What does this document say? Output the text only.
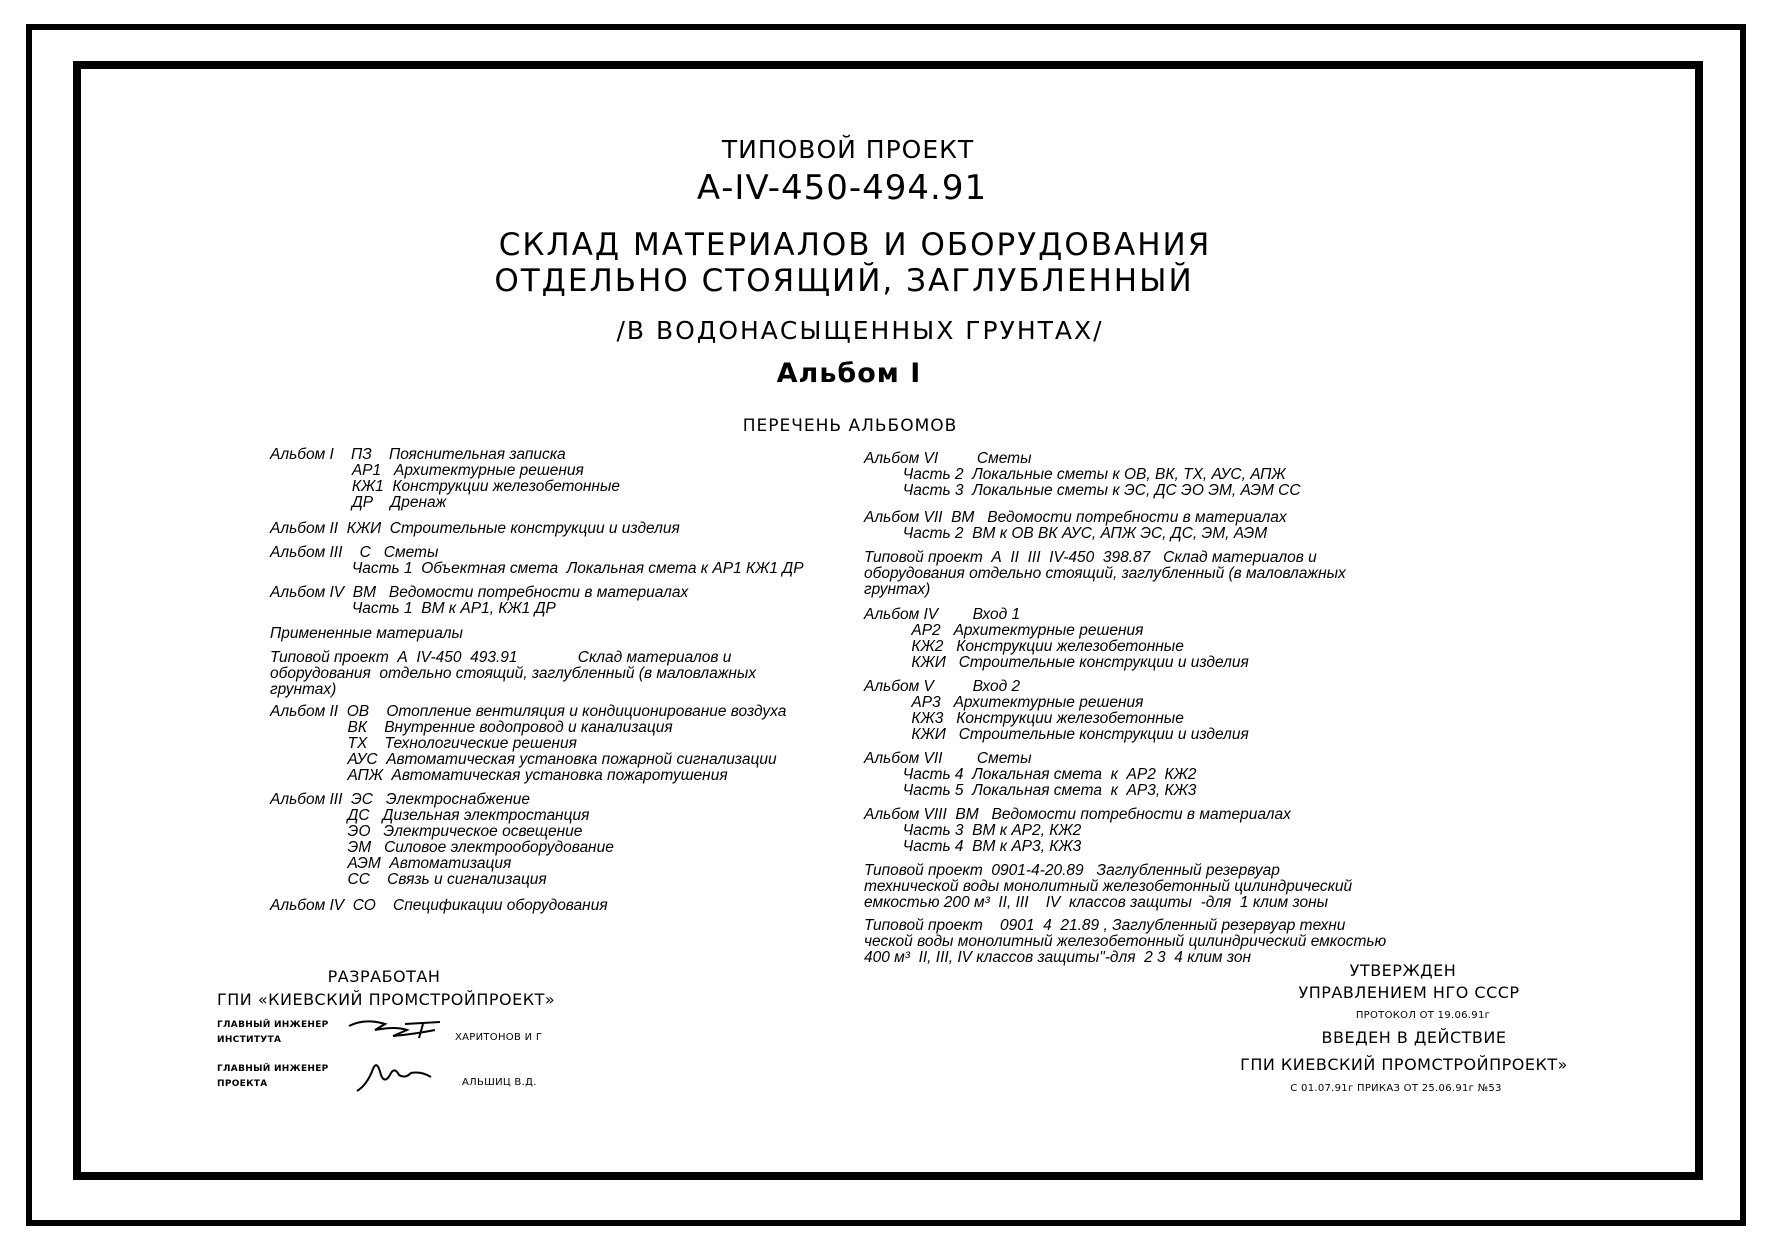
ТИПОВОЙ ПРОЕКТ
А-IV-450-494.91
СКЛАД МАТЕРИАЛОВ И ОБОРУДОВАНИЯ
ОТДЕЛЬНО СТОЯЩИЙ, ЗАГЛУБЛЕННЫЙ
/В ВОДОНАСЫЩЕННЫХ ГРУНТАХ/
Альбом I
ПЕРЕЧЕНЬ АЛЬБОМОВ
Альбом I    ПЗ    Пояснительная записка
АР1   Архитектурные решения
КЖ1  Конструкции железобетонные
ДР    Дренаж
Альбом II  КЖИ  Строительные конструкции и изделия
Альбом III    С   Сметы
Часть 1  Объектная смета  Локальная смета к АР1 КЖ1 ДР
Альбом IV  ВМ   Ведомости потребности в материалах
Часть 1  ВМ к АР1, КЖ1 ДР
Примененные материалы
Типовой проект  А  IV-450  493.91              Склад материалов и
оборудования  отдельно стоящий, заглубленный (в маловлажных
грунтах)
Альбом II  ОВ    Отопление вентиляция и кондиционирование воздуха
ВК    Внутренние водопровод и канализация
ТХ    Технологические решения
АУС  Автоматическая установка пожарной сигнализации
АПЖ  Автоматическая установка пожаротушения
Альбом III  ЭС   Электроснабжение
ДС   Дизельная электростанция
ЭО   Электрическое освещение
ЭМ   Силовое электрооборудование
АЭМ  Автоматизация
СС    Связь и сигнализация
Альбом IV  СО    Спецификации оборудования
Альбом VI         Сметы
Часть 2  Локальные сметы к ОВ, ВК, ТХ, АУС, АПЖ
Часть 3  Локальные сметы к ЭС, ДС ЭО ЭМ, АЭМ СС
Альбом VII  ВМ   Ведомости потребности в материалах
Часть 2  ВМ к ОВ ВК АУС, АПЖ ЭС, ДС, ЭМ, АЭМ
Типовой проект  А  II  III  IV-450  398.87   Склад материалов и
оборудования отдельно стоящий, заглубленный (в маловлажных
грунтах)
Альбом IV        Вход 1
АР2   Архитектурные решения
КЖ2   Конструкции железобетонные
КЖИ   Строительные конструкции и изделия
Альбом V         Вход 2
АР3   Архитектурные решения
КЖ3   Конструкции железобетонные
КЖИ   Строительные конструкции и изделия
Альбом VII        Сметы
Часть 4  Локальная смета  к  АР2  КЖ2
Часть 5  Локальная смета  к  АР3, КЖ3
Альбом VIII  ВМ   Ведомости потребности в материалах
Часть 3  ВМ к АР2, КЖ2
Часть 4  ВМ к АР3, КЖ3
Типовой проект  0901-4-20.89   Заглубленный резервуар
технической воды монолитный железобетонный цилиндрический
емкостью 200 м³  II, III    IV  классов защиты  -для  1 клим зоны
Типовой проект    0901  4  21.89 , Заглубленный резервуар техни
ческой воды монолитный железобетонный цилиндрический емкостью
400 м³  II, III, IV классов защиты"-для  2 3  4 клим зон
РАЗРАБОТАН
ГПИ «КИЕВСКИЙ ПРОМСТРОЙПРОЕКТ»
ГЛАВНЫЙ ИНЖЕНЕР
ИНСТИТУТА	ХАРИТОНОВ И Г
ГЛАВНЫЙ ИНЖЕНЕР
ПРОЕКТА	АЛЬШИЦ В.Д.
УТВЕРЖДЕН
УПРАВЛЕНИЕМ НГО СССР
ПРОТОКОЛ ОТ 19.06.91г
ВВЕДЕН В ДЕЙСТВИЕ
ГПИ КИЕВСКИЙ ПРОМСТРОЙПРОЕКТ»
С 01.07.91г ПРИКАЗ ОТ 25.06.91г №53
